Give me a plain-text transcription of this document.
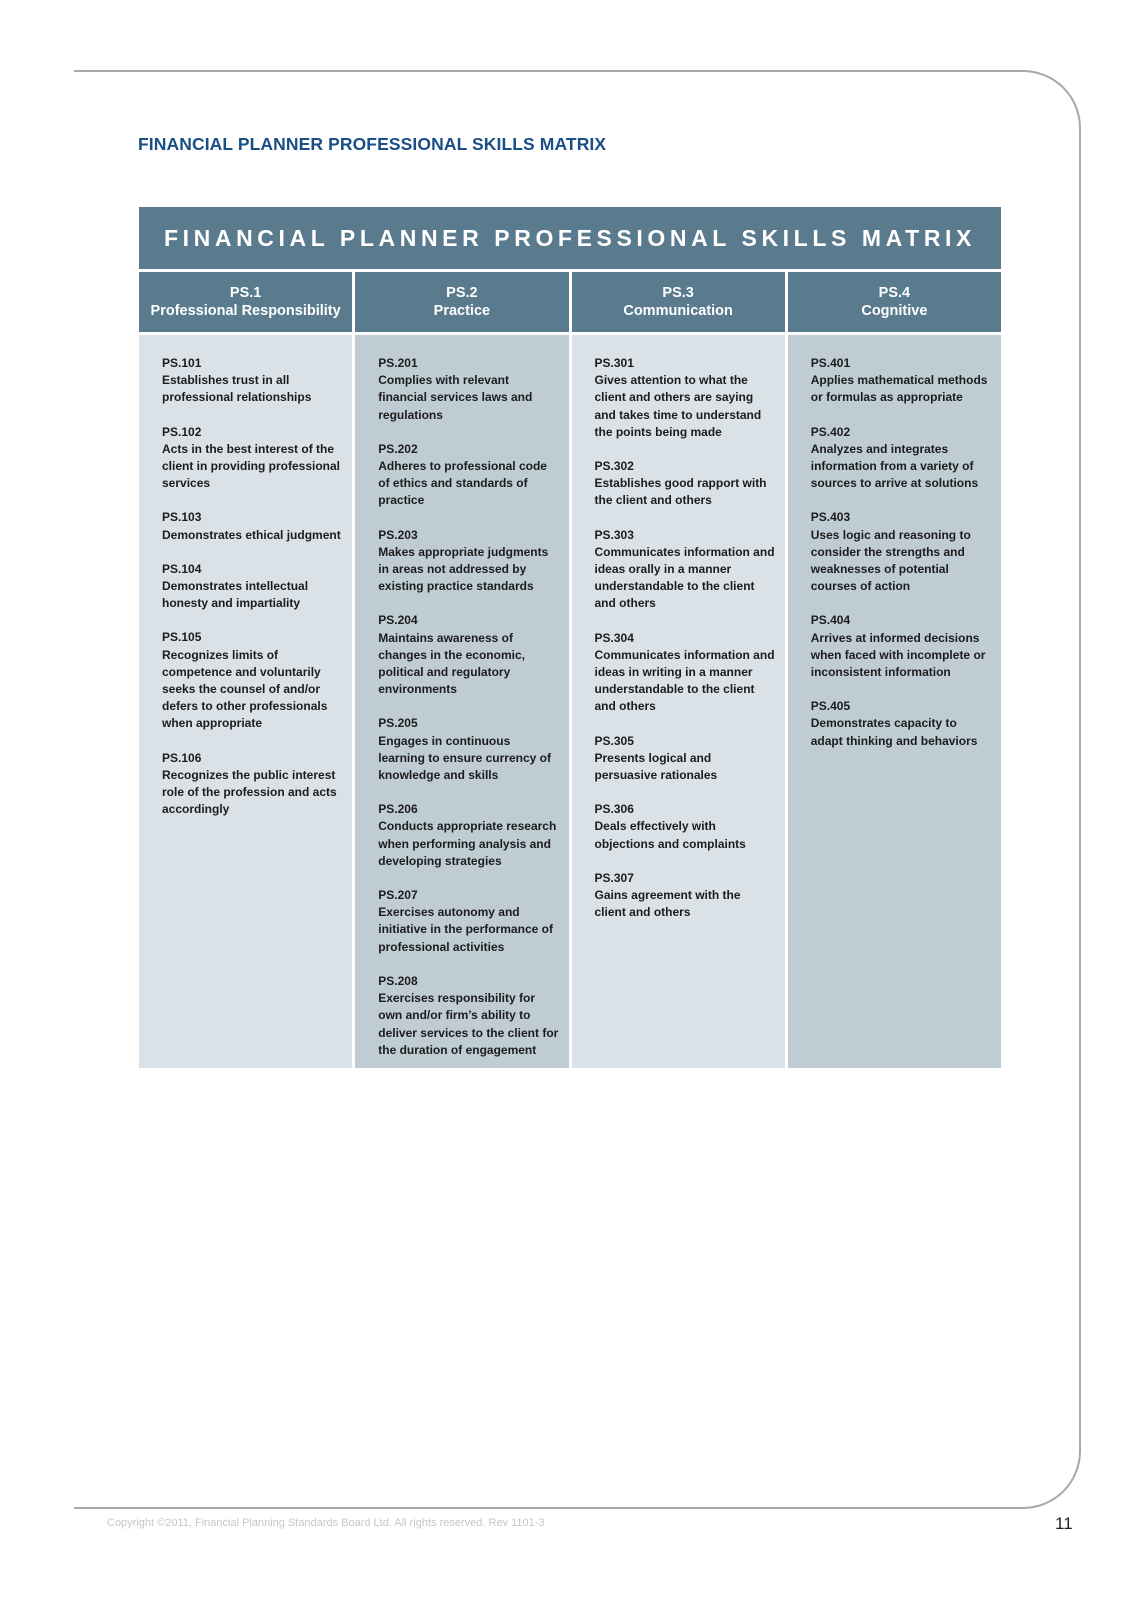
FINANCIAL PLANNER PROFESSIONAL SKILLS MATRIX
FINANCIAL PLANNER PROFESSIONAL SKILLS MATRIX
PS.1
Professional Responsibility
PS.2
Practice
PS.3
Communication
PS.4
Cognitive
PS.101
Establishes trust in all professional relationships
PS.102
Acts in the best interest of the client in providing professional services
PS.103
Demonstrates ethical judgment
PS.104
Demonstrates intellectual honesty and impartiality
PS.105
Recognizes limits of competence and voluntarily seeks the counsel of and/or defers to other professionals when appropriate
PS.106
Recognizes the public interest role of the profession and acts accordingly
PS.201
Complies with relevant financial services laws and regulations
PS.202
Adheres to professional code of ethics and standards of practice
PS.203
Makes appropriate judgments in areas not addressed by existing practice standards
PS.204
Maintains awareness of changes in the economic, political and regulatory environments
PS.205
Engages in continuous learning to ensure currency of knowledge and skills
PS.206
Conducts appropriate research when performing analysis and developing strategies
PS.207
Exercises autonomy and initiative in the performance of professional activities
PS.208
Exercises responsibility for own and/or firm’s ability to deliver services to the client for the duration of engagement
PS.301
Gives attention to what the client and others are saying and takes time to understand the points being made
PS.302
Establishes good rapport with the client and others
PS.303
Communicates information and ideas orally in a manner understandable to the client and others
PS.304
Communicates information and ideas in writing in a manner understandable to the client and others
PS.305
Presents logical and persuasive rationales
PS.306
Deals effectively with objections and complaints
PS.307
Gains agreement with the client and others
PS.401
Applies mathematical methods or formulas as appropriate
PS.402
Analyzes and integrates information from a variety of sources to arrive at solutions
PS.403
Uses logic and reasoning to consider the strengths and weaknesses of potential courses of action
PS.404
Arrives at informed decisions when faced with incomplete or inconsistent information
PS.405
Demonstrates capacity to adapt thinking and behaviors
Copyright ©2011, Financial Planning Standards Board Ltd. All rights reserved. Rev 1101-3	11
